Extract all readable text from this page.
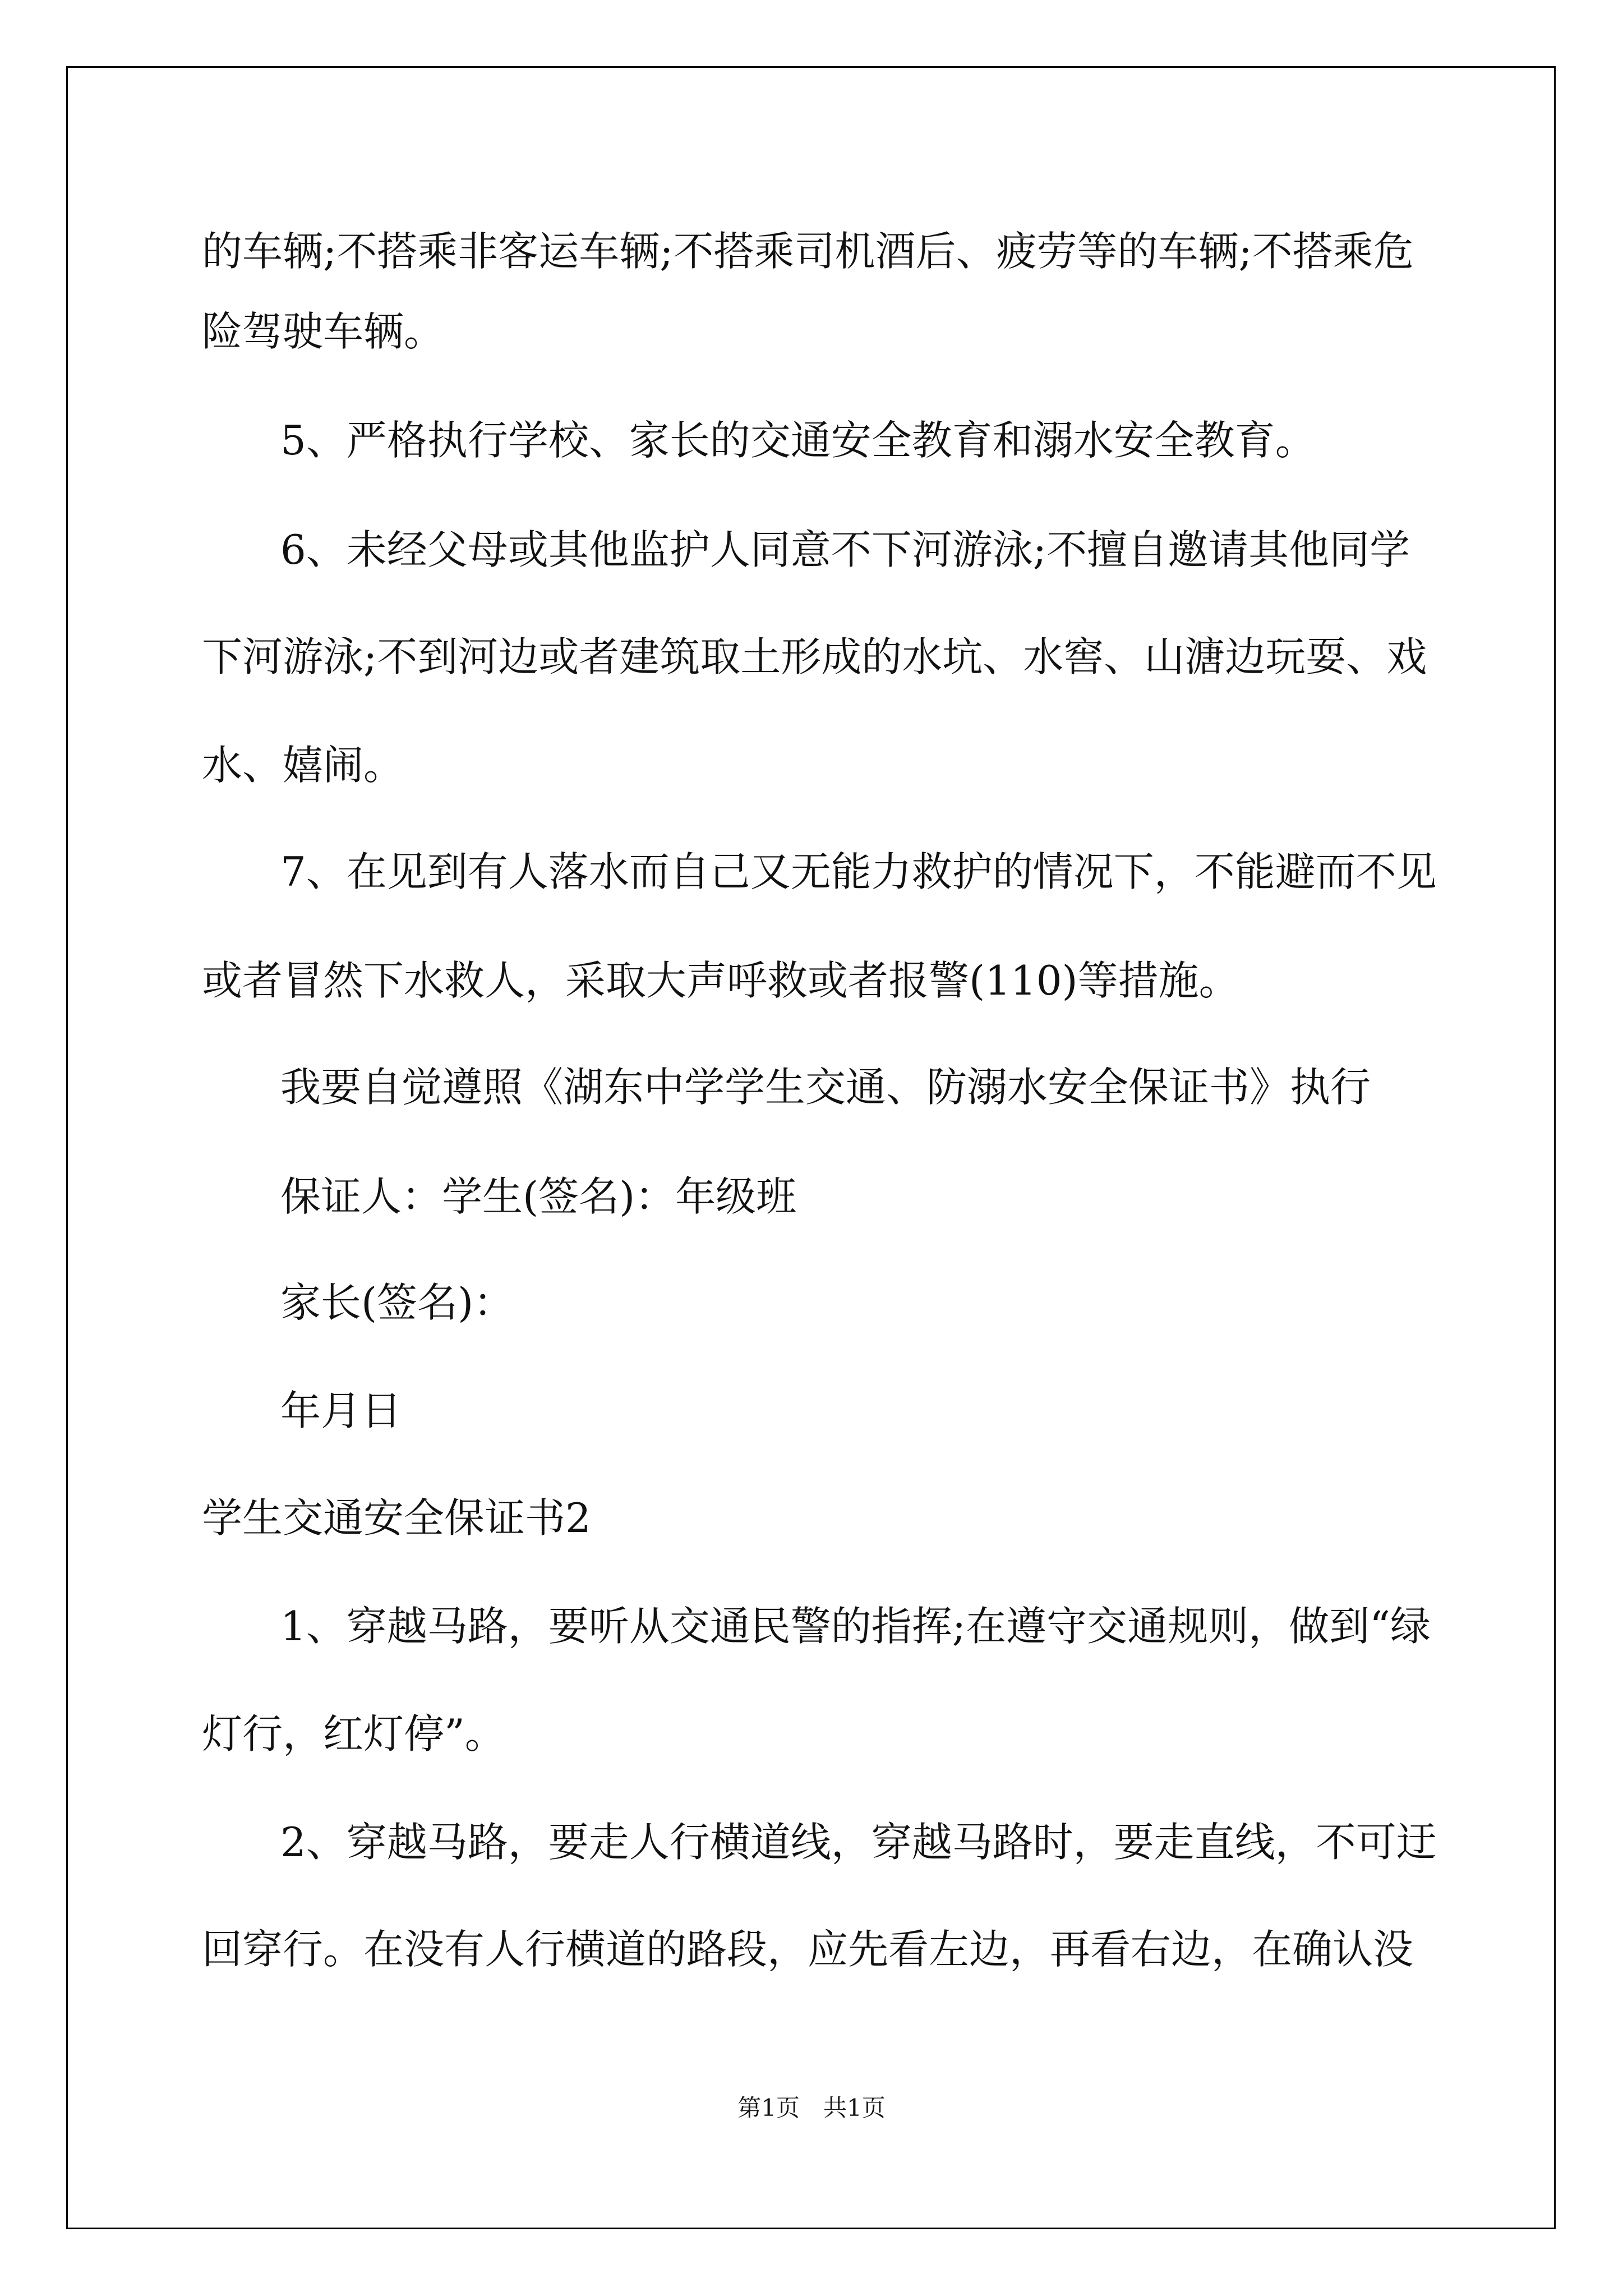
的车辆;不搭乘非客运车辆;不搭乘司机酒后、疲劳等的车辆;不搭乘危
险驾驶车辆。
5、严格执行学校、家长的交通安全教育和溺水安全教育。
6、未经父母或其他监护人同意不下河游泳;不擅自邀请其他同学
下河游泳;不到河边或者建筑取土形成的水坑、水窖、山溏边玩耍、戏
水、嬉闹。
7、在见到有人落水而自己又无能力救护的情况下，不能避而不见
或者冒然下水救人，采取大声呼救或者报警(110)等措施。
我要自觉遵照《湖东中学学生交通、防溺水安全保证书》执行
保证人：学生(签名)：年级班
家长(签名)：
年月日
学生交通安全保证书2
1、穿越马路，要听从交通民警的指挥;在遵守交通规则，做到“绿
灯行，红灯停”。
2、穿越马路，要走人行横道线，穿越马路时，要走直线，不可迂
回穿行。在没有人行横道的路段，应先看左边，再看右边，在确认没
第1页　共1页
